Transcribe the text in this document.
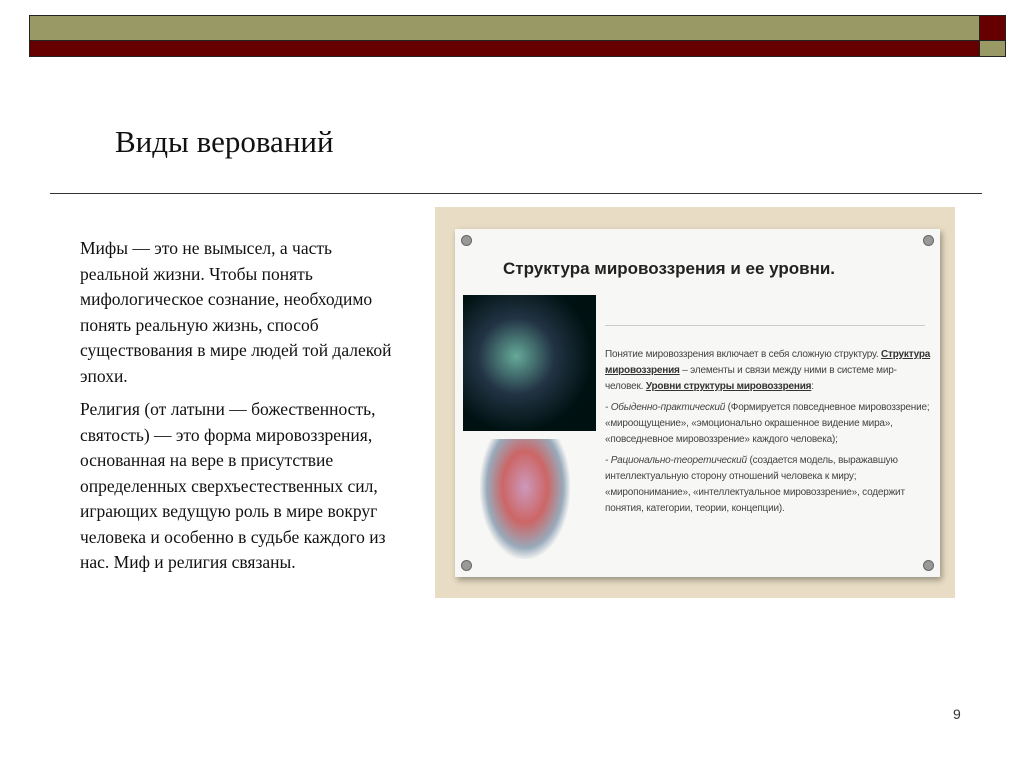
Виды верований

Мифы — это не вымысел, а часть реальной жизни. Чтобы понять мифологическое сознание, необходимо понять реальную жизнь, способ существования в мире людей той далекой эпохи.

Религия (от латыни — божественность, святость) — это форма мировоззрения, основанная на вере в присутствие определенных сверхъестественных сил, играющих ведущую роль в мире вокруг человека и особенно в судьбе каждого из нас. Миф и религия связаны.

Структура мировоззрения и ее уровни.

Понятие мировоззрения включает в себя сложную структуру. Структура мировоззрения – элементы и связи между ними в системе мир-человек. Уровни структуры мировоззрения:

- Обыденно-практический (Формируется повседневное мировоззрение; «мироощущение», «эмоционально окрашенное видение мира», «повседневное мировоззрение» каждого человека);

- Рационально-теоретический (создается модель, выражавшую интеллектуальную сторону отношений человека к миру; «миропонимание», «интеллектуальное мировоззрение», содержит понятия, категории, теории, концепции).

9
